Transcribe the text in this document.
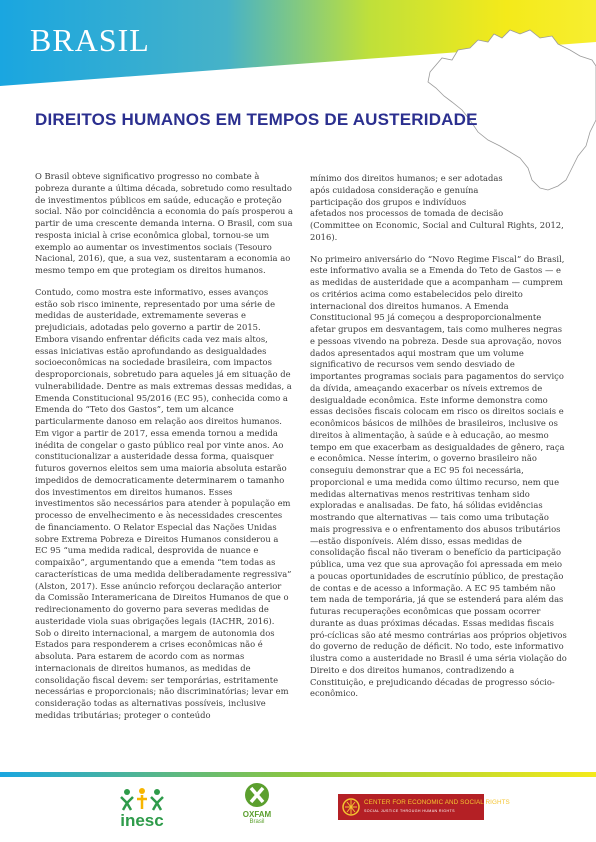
BRASIL
DIREITOS HUMANOS EM TEMPOS DE AUSTERIDADE

O Brasil obteve significativo progresso no combate à pobreza durante a última década, sobretudo como resultado de investimentos públicos em saúde, educação e proteção social. Não por coincidência a economia do país prosperou a partir de uma crescente demanda interna. O Brasil, com sua resposta inicial à crise econômica global, tornou-se um exemplo ao aumentar os investimentos sociais (Tesouro Nacional, 2016), que, a sua vez, sustentaram a economia ao mesmo tempo em que protegiam os direitos humanos.

Contudo, como mostra este informativo, esses avanços estão sob risco iminente, representado por uma série de medidas de austeridade, extremamente severas e prejudiciais, adotadas pelo governo a partir de 2015. Embora visando enfrentar déficits cada vez mais altos, essas iniciativas estão aprofundando as desigualdades socioeconômicas na sociedade brasileira, com impactos desproporcionais, sobretudo para aqueles já em situação de vulnerabilidade. Dentre as mais extremas dessas medidas, a Emenda Constitucional 95/2016 (EC 95), conhecida como a Emenda do “Teto dos Gastos”, tem um alcance particularmente danoso em relação aos direitos humanos. Em vigor a partir de 2017, essa emenda tornou a medida inédita de congelar o gasto público real por vinte anos. Ao constitucionalizar a austeridade dessa forma, quaisquer futuros governos eleitos sem uma maioria absoluta estarão impedidos de democraticamente determinarem o tamanho dos investimentos em direitos humanos. Esses investimentos são necessários para atender à população em processo de envelhecimento e às necessidades crescentes de financiamento. O Relator Especial das Nações Unidas sobre Extrema Pobreza e Direitos Humanos considerou a EC 95 “uma medida radical, desprovida de nuance e compaixão”, argumentando que a emenda “tem todas as características de uma medida deliberadamente regressiva” (Alston, 2017). Esse anúncio reforçou declaração anterior da Comissão Interamericana de Direitos Humanos de que o redirecionamento do governo para severas medidas de austeridade viola suas obrigações legais (IACHR, 2016). Sob o direito internacional, a margem de autonomia dos Estados para responderem a crises econômicas não é absoluta. Para estarem de acordo com as normas internacionais de direitos humanos, as medidas de consolidação fiscal devem: ser temporárias, estritamente necessárias e proporcionais; não discriminatórias; levar em consideração todas as alternativas possíveis, inclusive medidas tributárias; proteger o conteúdo

mínimo dos direitos humanos; e ser adotadas
após cuidadosa consideração e genuína
participação dos grupos e indivíduos
afetados nos processos de tomada de decisão
(Committee on Economic, Social and Cultural Rights, 2012,
2016).

No primeiro aniversário do “Novo Regime Fiscal” do Brasil, este informativo avalia se a Emenda do Teto de Gastos — e as medidas de austeridade que a acompanham — cumprem os critérios acima como estabelecidos pelo direito internacional dos direitos humanos. A Emenda Constitucional 95 já começou a desproporcionalmente afetar grupos em desvantagem, tais como mulheres negras e pessoas vivendo na pobreza. Desde sua aprovação, novos dados apresentados aqui mostram que um volume significativo de recursos vem sendo desviado de importantes programas sociais para pagamentos do serviço da dívida, ameaçando exacerbar os níveis extremos de desigualdade econômica. Este informe demonstra como essas decisões fiscais colocam em risco os direitos sociais e econômicos básicos de milhões de brasileiros, inclusive os direitos à alimentação, à saúde e à educação, ao mesmo tempo em que exacerbam as desigualdades de gênero, raça e econômica. Nesse ínterim, o governo brasileiro não conseguiu demonstrar que a EC 95 foi necessária, proporcional e uma medida como último recurso, nem que medidas alternativas menos restritivas tenham sido exploradas e analisadas. De fato, há sólidas evidências mostrando que alternativas — tais como uma tributação mais progressiva e o enfrentamento dos abusos tributários —estão disponíveis. Além disso, essas medidas de consolidação fiscal não tiveram o benefício da participação pública, uma vez que sua aprovação foi apressada em meio a poucas oportunidades de escrutínio público, de prestação de contas e de acesso a informação. A EC 95 também não tem nada de temporária, já que se estenderá para além das futuras recuperações econômicas que possam ocorrer durante as duas próximas décadas. Essas medidas fiscais pró-cíclicas são até mesmo contrárias aos próprios objetivos do governo de redução de déficit. No todo, este informativo ilustra como a austeridade no Brasil é uma séria violação do Direito e dos direitos humanos, contradizendo a Constituição, e prejudicando décadas de progresso sócio-econômico.

inesc	OXFAM
Brasil
CENTER FOR ECONOMIC AND SOCIAL RIGHTS
SOCIAL JUSTICE THROUGH HUMAN RIGHTS
